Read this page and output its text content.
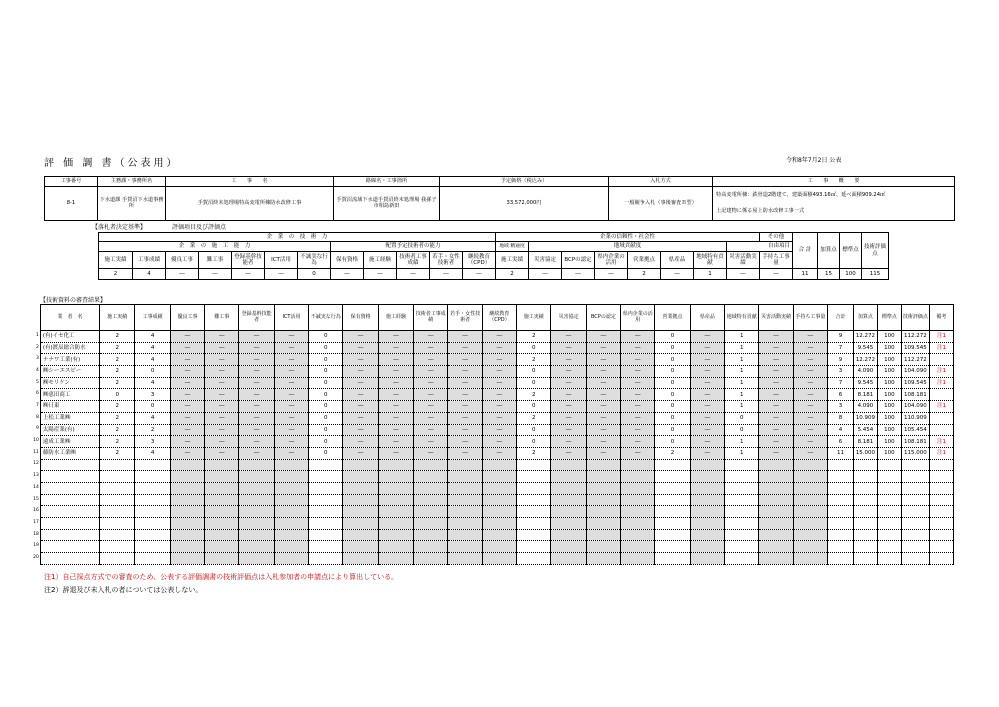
評 価 調 書（公表用）	令和8年7月2日 公表
工事番号	主務課・事務所名	工　　事　　名	路線名・工事箇所	予定価格（税込み）	入札方式	工　　事　　概　　要
8-1	下水道課 手賀沼下水道事務所	手賀沼終末処理場特高変電所棟防水改修工事	手賀沼流域下水道手賀沼終末処理場 我孫子市相島新田	33,572,000円	一般競争入札（事後審査Ｂ型）	特高変電所棟：鉄骨造2階建て、建築面積493.16㎡、延べ面積909.24㎡
上記建物に係る屋上防水改修工事一式
【落札者決定基準】	評価項目及び評価点
企　業　の　技　術　力												企業の信頼性・社会性								その他	合 計	加算点	標準点	技術評価点
企　業　の　施　工　能　力							配置予定技術者の能力					地域 精通度	地域貢献度						自由項目					
施工実績	工事成績	優良工事	難工事	登録基幹技能者	ICT活用	不誠実な行為	保有資格	施工経験	技術者工事成績	若手・女性技術者	継続教育（CPD）	施工実績	災害協定	BCPの認定	県内企業の活用	営業拠点	県産品	地域特有貢献	災害活動実績	手持ち工事量				
2	4	―	―	―	―	0	―	―	―	―	―	2	―	―	―	2	―	1	―	―	11	15	100	115
【技術資料の審査結果】
	業　者　名	施工実績	工事成績	優良工事	難工事	登録基幹技能者	ICT活用	不誠実な行為	保有資格	施工経験	技術者工事成績	若手・女性技術者	継続教育（CPD）	施工実績	災害協定	BCPの認定	県内企業の活用	営業拠点	県産品	地域特有貢献	災害活動実績	手持ち工事量	合計	加算点	標準点	技術評価点	備考
1	(有)イセ化工	2	4	―	―	―	―	0	―	―	―	―	―	2	―	―	―	0	―	1	―	―	9	12.272	100	112.272	注1
2	(有)渡辰総合防水	2	4	―	―	―	―	0	―	―	―	―	―	0	―	―	―	0	―	1	―	―	7	9.545	100	109.545	注1
3	ナナワ工業(有)	2	4	―	―	―	―	0	―	―	―	―	―	2	―	―	―	0	―	1	―	―	9	12.272	100	112.272	
4	㈱シーエスピー	2	0	―	―	―	―	0	―	―	―	―	―	0	―	―	―	0	―	1	―	―	3	4.090	100	104.090	注1
5	㈱モリケン	2	4	―	―	―	―	0	―	―	―	―	―	0	―	―	―	0	―	1	―	―	7	9.545	100	109.545	注1
6	㈱恵田商工	0	3	―	―	―	―	0	―	―	―	―	―	2	―	―	―	0	―	1	―	―	6	8.181	100	108.181	
7	㈱日東	2	0	―	―	―	―	0	―	―	―	―	―	0	―	―	―	0	―	1	―	―	3	4.090	100	104.090	注1
8	上松工業㈱	2	4	―	―	―	―	0	―	―	―	―	―	2	―	―	―	0	―	0	―	―	8	10.909	100	110.909	
9	太陽産業(有)	2	2	―	―	―	―	0	―	―	―	―	―	0	―	―	―	0	―	0	―	―	4	5.454	100	105.454	
10	遠成工業㈱	2	3	―	―	―	―	0	―	―	―	―	―	0	―	―	―	0	―	1	―	―	6	8.181	100	108.181	注1
11	藤防水工業㈱	2	4	―	―	―	―	0	―	―	―	―	―	2	―	―	―	2	―	1	―	―	11	15.000	100	115.000	注1
12																											
13																											
14																											
15																											
16																											
17																											
18																											
19																											
20																											
注1）自己採点方式での審査のため、公表する評価調書の技術評価点は入札参加者の申請点により算出している。
注2）辞退及び未入札の者については公表しない。
